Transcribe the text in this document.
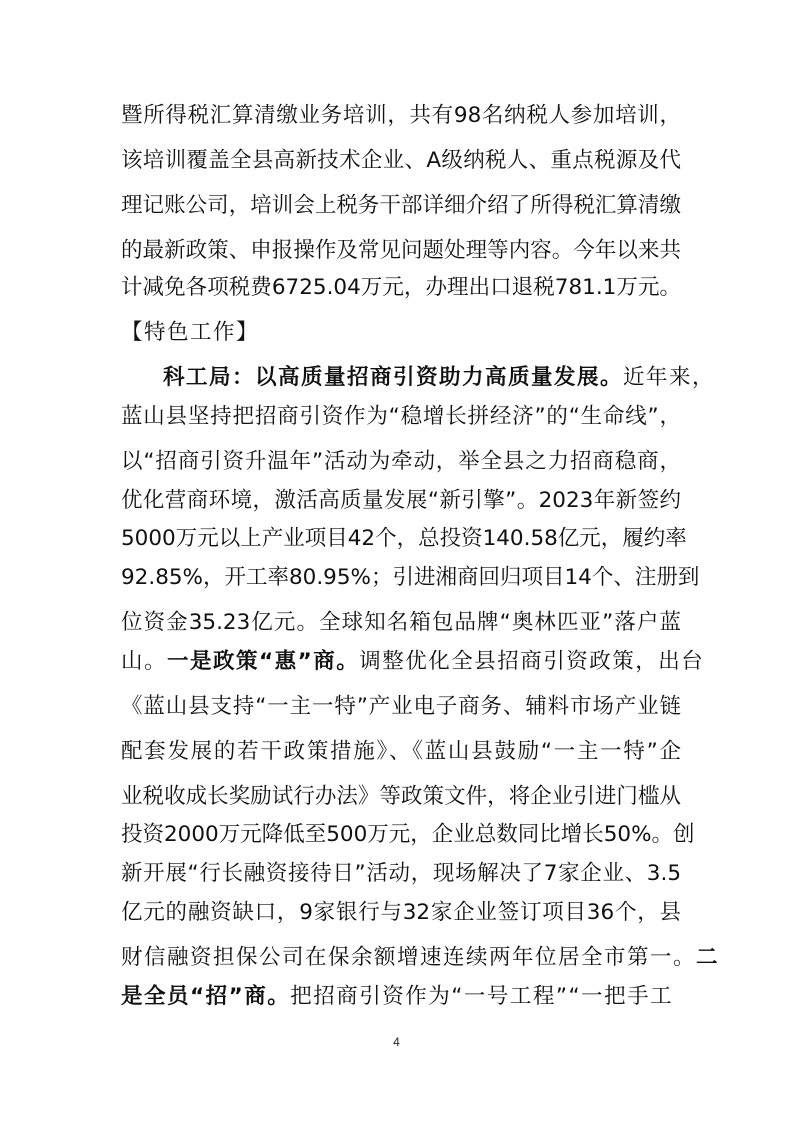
暨所得税汇算清缴业务培训，共有98名纳税人参加培训，
该培训覆盖全县高新技术企业、A级纳税人、重点税源及代
理记账公司，培训会上税务干部详细介绍了所得税汇算清缴
的最新政策、申报操作及常见问题处理等内容。今年以来共
计减免各项税费6725.04万元，办理出口退税781.1万元。
【特色工作】
科工局：以高质量招商引资助力高质量发展。近年来，
蓝山县坚持把招商引资作为“稳增长拼经济”的“生命线”，
以“招商引资升温年”活动为牵动，举全县之力招商稳商，
优化营商环境，激活高质量发展“新引擎”。2023年新签约
5000万元以上产业项目42个，总投资140.58亿元，履约率
92.85%，开工率80.95%；引进湘商回归项目14个、注册到
位资金35.23亿元。全球知名箱包品牌“奥林匹亚”落户蓝
山。一是政策“惠”商。调整优化全县招商引资政策，出台
《蓝山县支持“一主一特”产业电子商务、辅料市场产业链
配套发展的若干政策措施》、《蓝山县鼓励“一主一特”企
业税收成长奖励试行办法》等政策文件，将企业引进门槛从
投资2000万元降低至500万元，企业总数同比增长50%。创
新开展“行长融资接待日”活动，现场解决了7家企业、3.5
亿元的融资缺口，9家银行与32家企业签订项目36个，县
财信融资担保公司在保余额增速连续两年位居全市第一。二
是全员“招”商。把招商引资作为“一号工程”“一把手工
4
